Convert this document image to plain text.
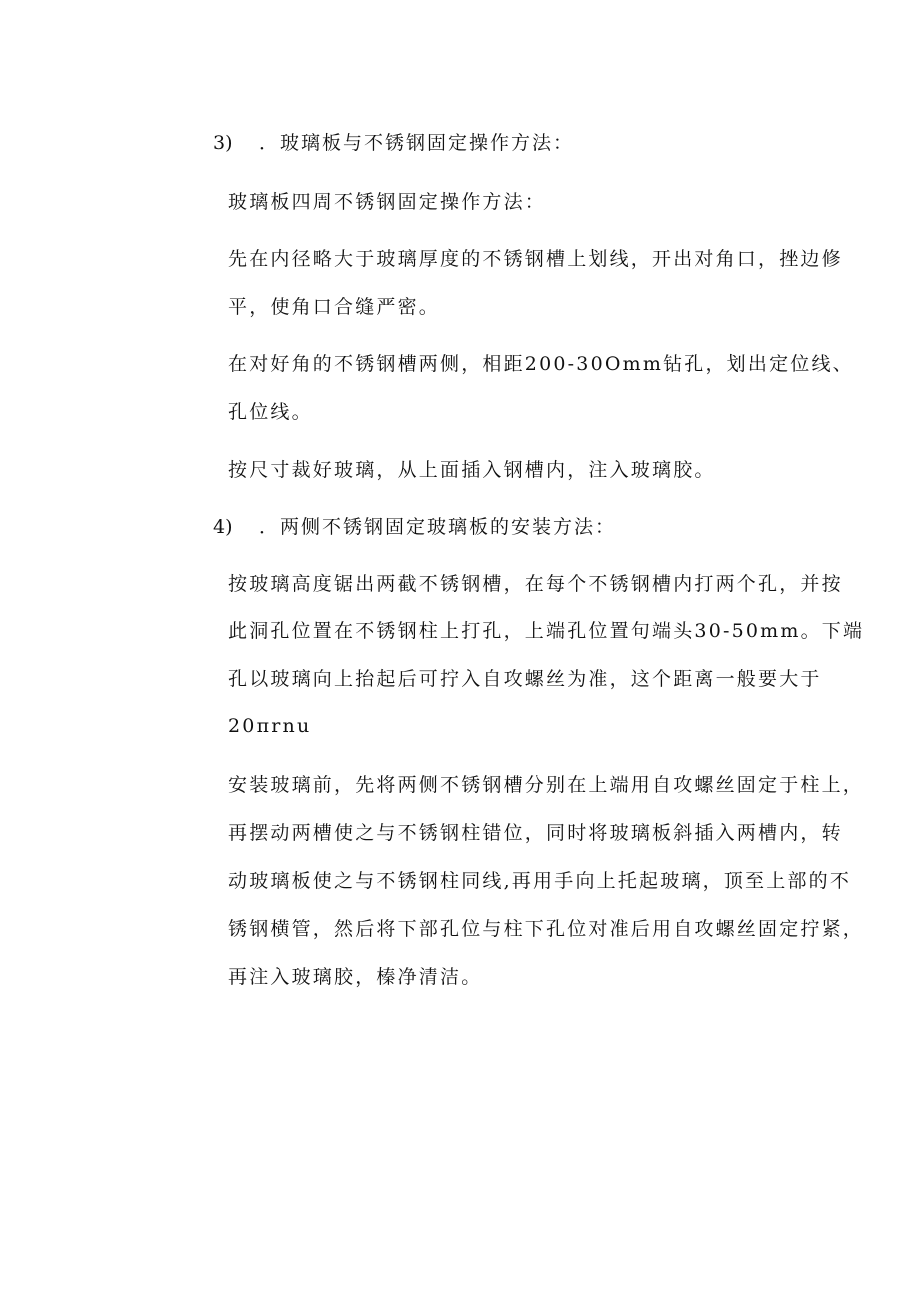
3) ．玻璃板与不锈钢固定操作方法：
玻璃板四周不锈钢固定操作方法：
先在内径略大于玻璃厚度的不锈钢槽上划线，开出对角口，挫边修
平，使角口合缝严密。
在对好角的不锈钢槽两侧，相距200-30Omm钻孔，划出定位线、
孔位线。
按尺寸裁好玻璃，从上面插入钢槽内，注入玻璃胶。
4) ．两侧不锈钢固定玻璃板的安装方法：
按玻璃高度锯出两截不锈钢槽，在每个不锈钢槽内打两个孔，并按
此洞孔位置在不锈钢柱上打孔，上端孔位置句端头30-50mm。下端
孔以玻璃向上抬起后可拧入自攻螺丝为准，这个距离一般要大于
20πrnu
安装玻璃前，先将两侧不锈钢槽分别在上端用自攻螺丝固定于柱上，
再摆动两槽使之与不锈钢柱错位，同时将玻璃板斜插入两槽内，转
动玻璃板使之与不锈钢柱同线,再用手向上托起玻璃，顶至上部的不
锈钢横管，然后将下部孔位与柱下孔位对准后用自攻螺丝固定拧紧，
再注入玻璃胶，榛净清洁。
